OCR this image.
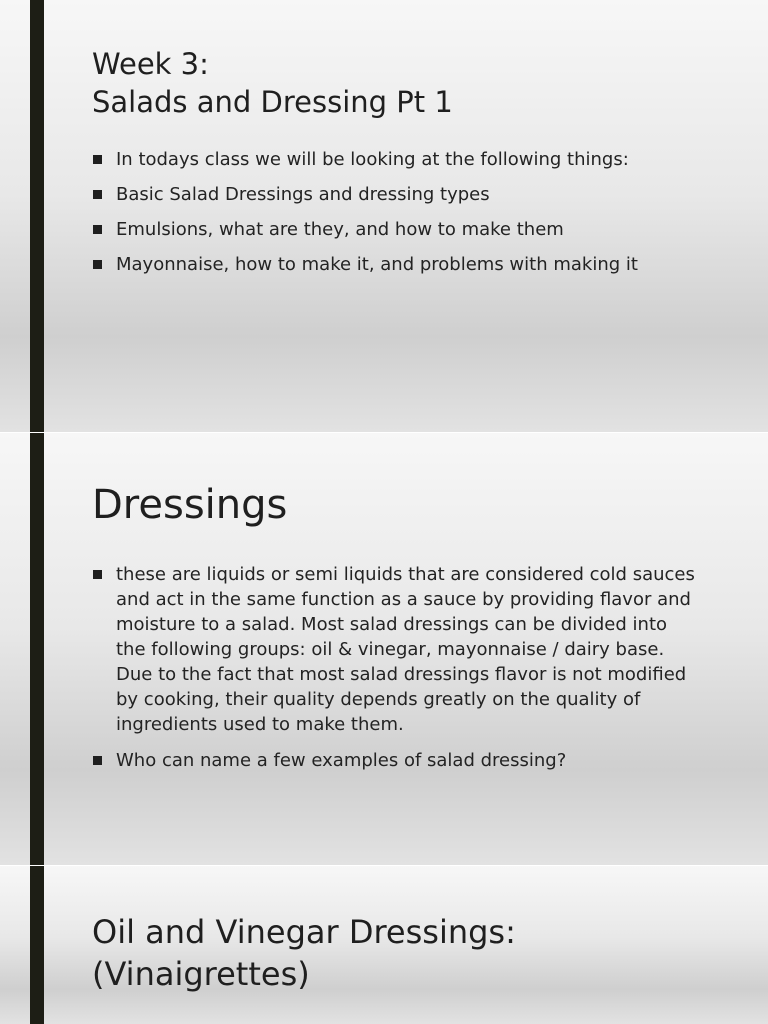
Week 3:
Salads and Dressing Pt 1
In todays class we will be looking at the following things:
Basic Salad Dressings and dressing types
Emulsions, what are they, and how to make them
Mayonnaise, how to make it, and problems with making it
Dressings
these are liquids or semi liquids that are considered cold sauces and act in the same function as a sauce by providing flavor and moisture to a salad. Most salad dressings can be divided into the following groups: oil & vinegar, mayonnaise / dairy base. Due to the fact that most salad dressings flavor is not modified by cooking, their quality depends greatly on the quality of ingredients used to make them.
Who can name a few examples of salad dressing?
Oil and Vinegar Dressings:
(Vinaigrettes)
